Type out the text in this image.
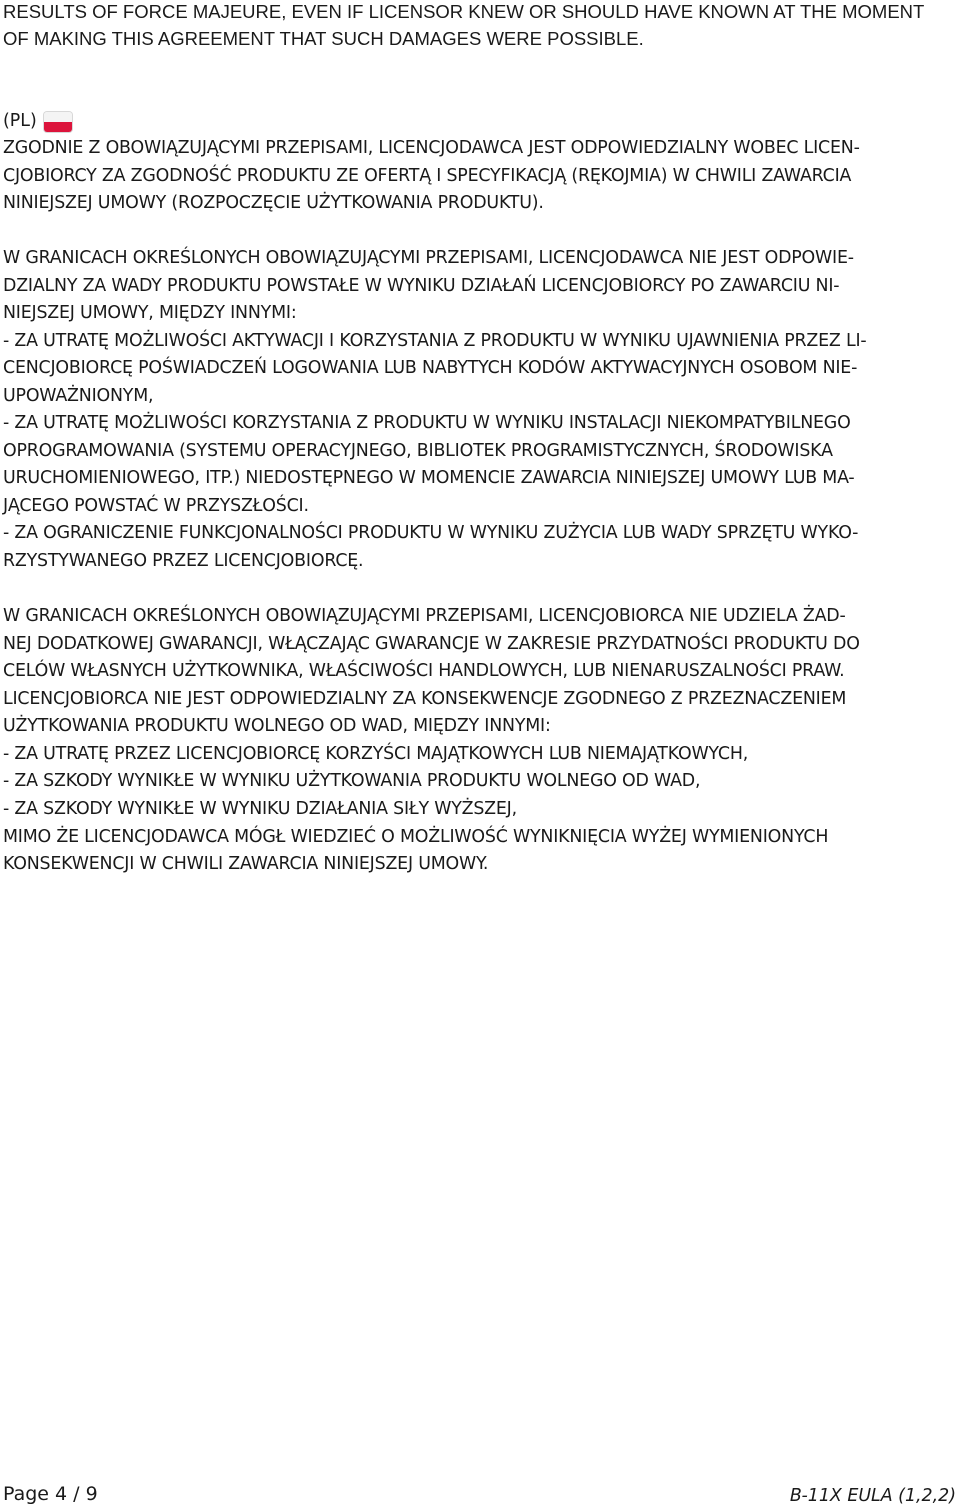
RESULTS OF FORCE MAJEURE, EVEN IF LICENSOR KNEW OR SHOULD HAVE KNOWN AT THE MOMENT
OF MAKING THIS AGREEMENT THAT SUCH DAMAGES WERE POSSIBLE.
(PL)
ZGODNIE Z OBOWIĄZUJĄCYMI PRZEPISAMI, LICENCJODAWCA JEST ODPOWIEDZIALNY WOBEC LICEN-
CJOBIORCY ZA ZGODNOŚĆ PRODUKTU ZE OFERTĄ I SPECYFIKACJĄ (RĘKOJMIA) W CHWILI ZAWARCIA
NINIEJSZEJ UMOWY (ROZPOCZĘCIE UŻYTKOWANIA PRODUKTU).
W GRANICACH OKREŚLONYCH OBOWIĄZUJĄCYMI PRZEPISAMI, LICENCJODAWCA NIE JEST ODPOWIE-
DZIALNY ZA WADY PRODUKTU POWSTAŁE W WYNIKU DZIAŁAŃ LICENCJOBIORCY PO ZAWARCIU NI-
NIEJSZEJ UMOWY, MIĘDZY INNYMI:
- ZA UTRATĘ MOŻLIWOŚCI AKTYWACJI I KORZYSTANIA Z PRODUKTU W WYNIKU UJAWNIENIA PRZEZ LI-
CENCJOBIORCĘ POŚWIADCZEŃ LOGOWANIA LUB NABYTYCH KODÓW AKTYWACYJNYCH OSOBOM NIE-
UPOWAŻNIONYM,
- ZA UTRATĘ MOŻLIWOŚCI KORZYSTANIA Z PRODUKTU W WYNIKU INSTALACJI NIEKOMPATYBILNEGO
OPROGRAMOWANIA (SYSTEMU OPERACYJNEGO, BIBLIOTEK PROGRAMISTYCZNYCH, ŚRODOWISKA
URUCHOMIENIOWEGO, ITP.) NIEDOSTĘPNEGO W MOMENCIE ZAWARCIA NINIEJSZEJ UMOWY LUB MA-
JĄCEGO POWSTAĆ W PRZYSZŁOŚCI.
- ZA OGRANICZENIE FUNKCJONALNOŚCI PRODUKTU W WYNIKU ZUŻYCIA LUB WADY SPRZĘTU WYKO-
RZYSTYWANEGO PRZEZ LICENCJOBIORCĘ.
W GRANICACH OKREŚLONYCH OBOWIĄZUJĄCYMI PRZEPISAMI, LICENCJOBIORCA NIE UDZIELA ŻAD-
NEJ DODATKOWEJ GWARANCJI, WŁĄCZAJĄC GWARANCJE W ZAKRESIE PRZYDATNOŚCI PRODUKTU DO
CELÓW WŁASNYCH UŻYTKOWNIKA, WŁAŚCIWOŚCI HANDLOWYCH, LUB NIENARUSZALNOŚCI PRAW.
LICENCJOBIORCA NIE JEST ODPOWIEDZIALNY ZA KONSEKWENCJE ZGODNEGO Z PRZEZNACZENIEM
UŻYTKOWANIA PRODUKTU WOLNEGO OD WAD, MIĘDZY INNYMI:
- ZA UTRATĘ PRZEZ LICENCJOBIORCĘ KORZYŚCI MAJĄTKOWYCH LUB NIEMAJĄTKOWYCH,
- ZA SZKODY WYNIKŁE W WYNIKU UŻYTKOWANIA PRODUKTU WOLNEGO OD WAD,
- ZA SZKODY WYNIKŁE W WYNIKU DZIAŁANIA SIŁY WYŻSZEJ,
MIMO ŻE LICENCJODAWCA MÓGŁ WIEDZIEĆ O MOŻLIWOŚĆ WYNIKNIĘCIA WYŻEJ WYMIENIONYCH
KONSEKWENCJI W CHWILI ZAWARCIA NINIEJSZEJ UMOWY.
Page 4 / 9	B-11X EULA (1,2,2)
